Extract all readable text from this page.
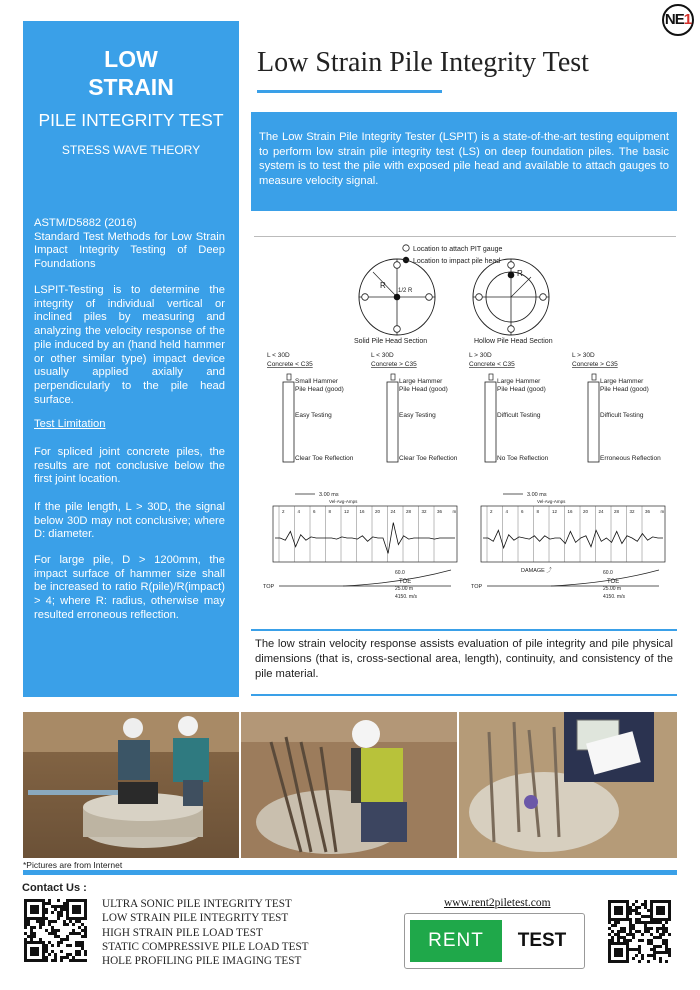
NE1
LOW
STRAIN
PILE INTEGRITY TEST
STRESS WAVE THEORY
ASTM/D5882 (2016)
Standard Test Methods for Low Strain Impact Integrity Testing of Deep Foundations
LSPIT-Testing is to determine the integrity of individual vertical or inclined piles by measuring and analyzing the velocity response of the pile induced by an (hand held hammer or other similar type) impact device usually applied axially and perpendicularly to the pile head surface.
Test Limitation
For spliced joint concrete piles, the results are not conclusive below the first joint location.
If the pile length, L > 30D, the signal below 30D may not conclusive; where D: diameter.
For large pile, D > 1200mm, the impact surface of hammer size shall be increased to ratio R(pile)/R(impact) > 4; where R: radius, otherwise may resulted erroneous reflection.
Low Strain Pile Integrity Test
The Low Strain Pile Integrity Tester (LSPIT) is a state-of-the-art testing equipment to perform low strain pile integrity test (LS) on deep foundation piles. The basic system is to test the pile with exposed pile head and available to attach gauges to measure velocity signal.
Location to attach PIT gauge
Location to impact pile head
R
1/2 R
Solid Pile Head Section
R
Hollow Pile Head Section
L < 30D
Concrete < C35
Small Hammer
Pile Head (good)
Easy Testing
Clear Toe Reflection
L < 30D
Concrete > C35
Large Hammer
Pile Head (good)
Easy Testing
Clear Toe Reflection
L > 30D
Concrete < C35
Large Hammer
Pile Head (good)
Difficult Testing
No Toe Reflection
L > 30D
Concrete > C35
Large Hammer
Pile Head (good)
Difficult Testing
Erroneous Reflection
3.00 ms
Vel-Avg-Amps
2	4	6	8	12 16 20 24 28 32 36 m
TOP
60.0
TOE
25.00 m
4150. m/s
3.00 ms
Vel-Avg-Amps
2	4	6	8	12 16 20 24 28 32 36 m
TOP
60.0
TOE
25.00 m
4150. m/s
DAMAGE ⤴
The low strain velocity response assists evaluation of pile integrity and pile physical dimensions (that is, cross-sectional area, length), continuity, and consistency of the pile material.
*Pictures are from Internet
Contact Us :
ULTRA SONIC PILE INTEGRITY TEST
LOW STRAIN PILE INTEGRITY TEST
HIGH STRAIN PILE LOAD TEST
STATIC COMPRESSIVE PILE LOAD TEST
HOLE PROFILING PILE IMAGING TEST
www.rent2piletest.com
RENT	TEST
